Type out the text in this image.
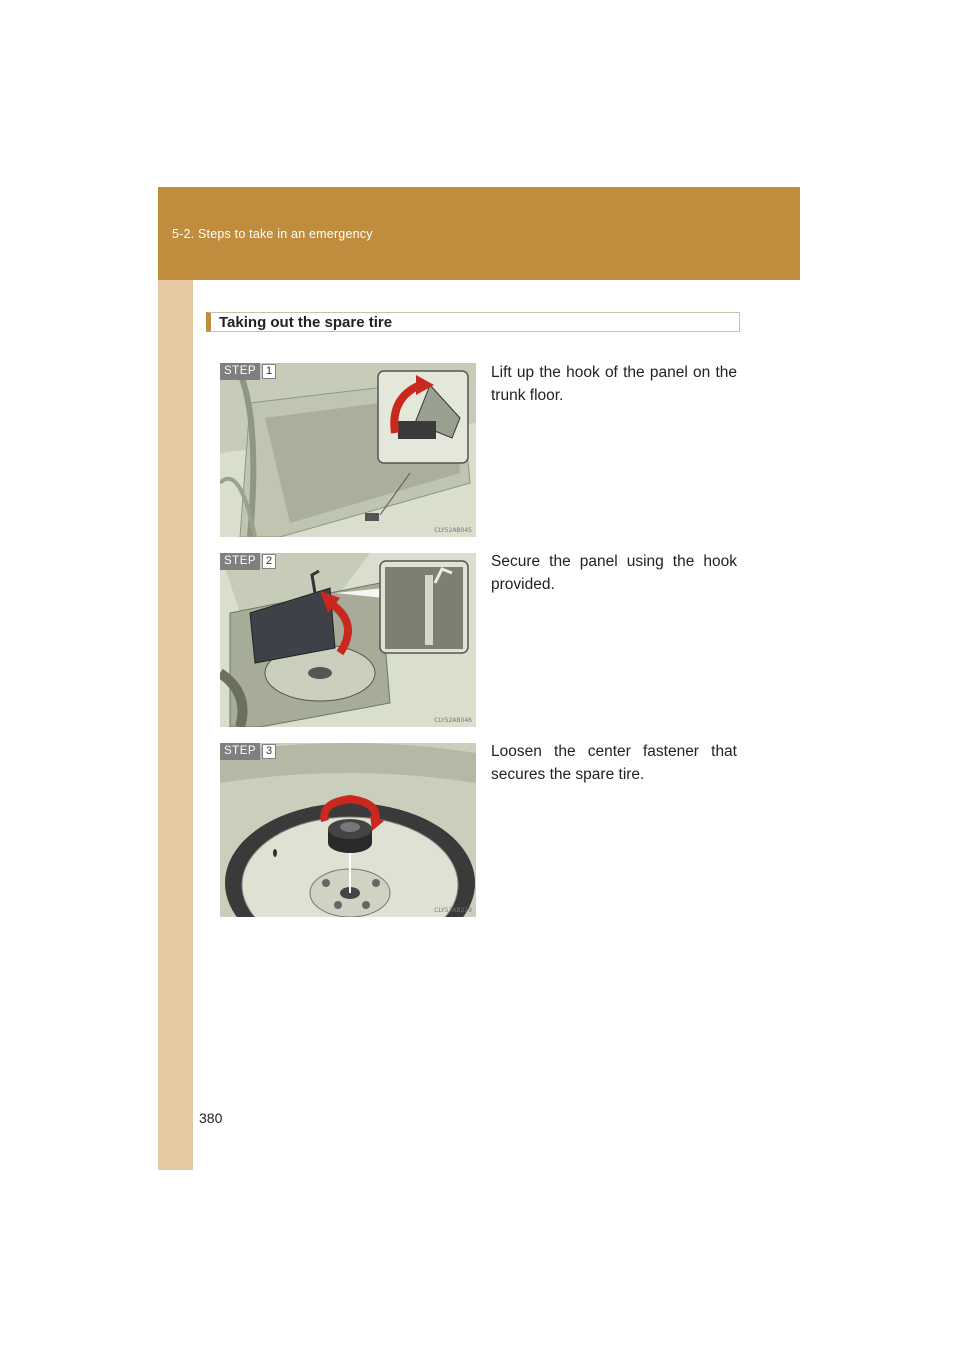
5-2. Steps to take in an emergency
Taking out the spare tire
STEP 1
CLY52AB045
Lift up the hook of the panel on the trunk floor.
STEP 2
CLY52AB046
Secure the panel using the hook provided.
STEP 3
CLY52AB229
Loosen the center fastener that secures the spare tire.
380
